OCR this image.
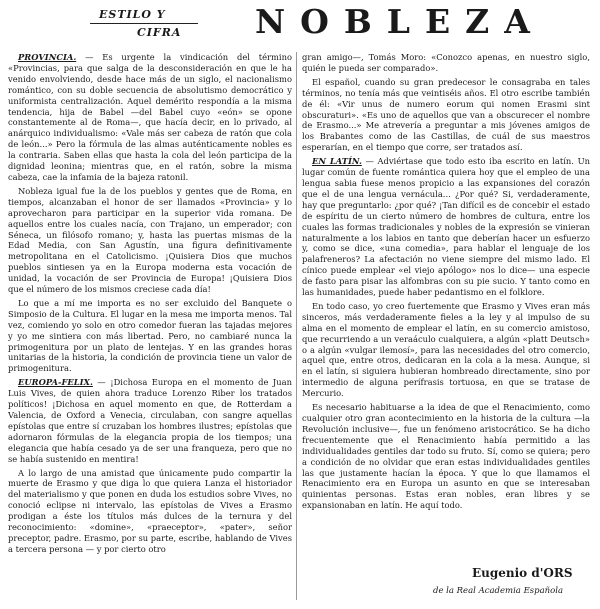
ESTILO Y
CIFRA NOBLEZA

PROVINCIA. — Es urgente la vindicación del término «Provincias, para que salga de la desconsideración en que le ha venido envolviendo, desde hace más de un siglo, el nacionalismo romántico, con su doble secuencia de absolutismo democrático y uniformista centralización. Aquel demérito respondía a la misma tendencia, hija de Babel —del Babel cuyo «eón» se opone constantemente al de Roma—, que hacía decir, en lo privado, al anárquico individualismo: «Vale más ser cabeza de ratón que cola de león...» Pero la fórmula de las almas auténticamente nobles es la contraria. Saben ellas que hasta la cola del león participa de la dignidad leonina; mientras que, en el ratón, sobre la misma cabeza, cae la infamia de la bajeza ratonil.

Nobleza igual fue la de los pueblos y gentes que de Roma, en tiempos, alcanzaban el honor de ser llamados «Provincia» y lo aprovecharon para participar en la superior vida romana. De aquellos entre los cuales nacía, con Trajano, un emperador; con Séneca, un filósofo romano; y, hasta las puertas mismas de la Edad Media, con San Agustín, una figura definitivamente metropolitana en el Catolicismo. ¡Quisiera Dios que muchos pueblos sintiesen ya en la Europa moderna esta vocación de unidad, la vocación de ser Provincia de Europa! ¡Quisiera Dios que el número de los mismos creciese cada día!

Lo que a mí me importa es no ser excluido del Banquete o Simposio de la Cultura. El lugar en la mesa me importa menos. Tal vez, comiendo yo solo en otro comedor fueran las tajadas mejores y yo me sintiera con más libertad. Pero, no cambiaré nunca la primogenitura por un plato de lentejas. Y en las grandes horas unitarias de la historia, la condición de provincia tiene un valor de primogenitura.

EUROPA-FELIX. — ¡Dichosa Europa en el momento de Juan Luis Vives, de quien ahora traduce Lorenzo Riber los tratados políticos! ¡Dichosa en aquel momento en que, de Rotterdam a Valencia, de Oxford a Venecia, circulaban, con sangre aquellas epístolas que entre sí cruzaban los hombres ilustres; epístolas que adornaron fórmulas de la elegancia propia de los tiempos; una elegancia que había cesado ya de ser una franqueza, pero que no se había sustenido en mentira!

A lo largo de una amistad que únicamente pudo compartir la muerte de Erasmo y que diga lo que quiera Lanza el historiador del materialismo y que ponen en duda los estudios sobre Vives, no conoció eclipse ni intervalo, las epístolas de Vives a Erasmo prodigan a éste los títulos más dulces de la ternura y del reconocimiento: «domine», «praeceptor», «pater», señor preceptor, padre. Erasmo, por su parte, escribe, hablando de Vives a tercera persona — y por cierto otro

gran amigo—, Tomás Moro: «Conozco apenas, en nuestro siglo, quién le pueda ser comparado».

El español, cuando su gran predecesor le consagraba en tales términos, no tenía más que veintiséis años. El otro escribe también de él: «Vir unus de numero eorum qui nomen Erasmi sint obscuraturi». «Es uno de aquellos que van a obscurecer el nombre de Erasmo...» Me atrevería a preguntar a mis jóvenes amigos de los Brabantes como de las Castillas, de cuál de sus maestros esperarían, en el tiempo que corre, ser tratados así.

EN LATÍN. — Adviértase que todo esto iba escrito en latín. Un lugar común de fuente romántica quiera hoy que el empleo de una lengua sabia fuese menos propicio a las expansiones del corazón que el de una lengua vernácula... ¿Por qué? Si, verdaderamente, hay que preguntarlo: ¿por qué? ¡Tan difícil es de concebir el estado de espíritu de un cierto número de hombres de cultura, entre los cuales las formas tradicionales y nobles de la expresión se vinieran naturalmente a los labios en tanto que deberían hacer un esfuerzo y, como se dice, «una comedia», para hablar el lenguaje de los palafreneros? La afectación no viene siempre del mismo lado. El cínico puede emplear «el viejo apólogo» nos lo dice— una especie de fasto para pisar las alfombras con su pie sucio. Y tanto como en las humanidades, puede haber pedantismo en el folklore.

En todo caso, yo creo fuertemente que Erasmo y Vives eran más sinceros, más verdaderamente fieles a la ley y al impulso de su alma en el momento de emplear el latín, en su comercio amistoso, que recurriendo a un veraáculo cualquiera, a algún «platt Deutsch» o a algún «vulgar ilemosí», para las necesidades del otro comercio, aquel que, entre otros, dedicaran en la cola a la mesa. Aunque, si en el latín, si siguiera hubieran hombreado directamente, sino por intermedio de alguna perífrasis tortuosa, en que se tratase de Mercurio.

Es necesario habituarse a la idea de que el Renacimiento, como cualquier otro gran acontecimiento en la historia de la cultura —la Revolución inclusive—, fue un fenómeno aristocrático. Se ha dicho frecuentemente que el Renacimiento había permitido a las individualidades gentiles dar todo su fruto. Sí, como se quiera; pero a condición de no olvidar que eran estas individualidades gentiles las que justamente hacían la época. Y que lo que llamamos el Renacimiento era en Europa un asunto en que se interesaban quinientas personas. Estas eran nobles, eran libres y se expansionaban en latín. He aquí todo.

Eugenio d'ORS
de la Real Academia Española
